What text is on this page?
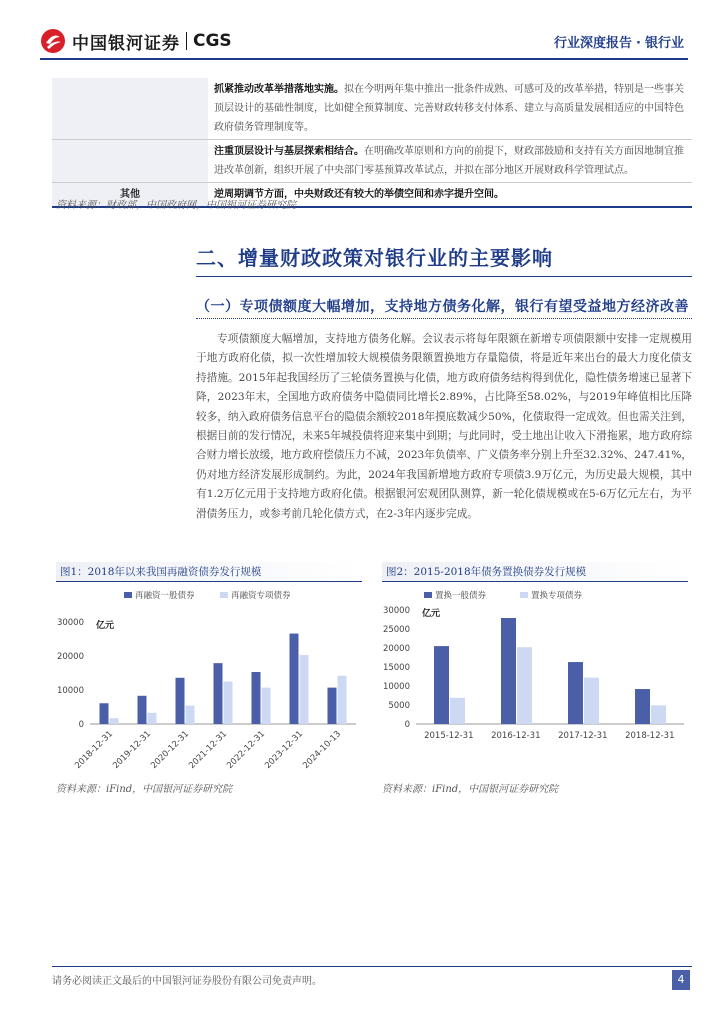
中国银河证券 CGS	行业深度报告 · 银行业
	抓紧推动改革举措落地实施。拟在今明两年集中推出一批条件成熟、可感可及的改革举措，特别是一些事关顶层设计的基础性制度，比如健全预算制度、完善财政转移支付体系、建立与高质量发展相适应的中国特色政府债务管理制度等。
	注重顶层设计与基层探索相结合。在明确改革原则和方向的前提下，财政部鼓励和支持有关方面因地制宜推进改革创新，组织开展了中央部门零基预算改革试点，并拟在部分地区开展财政科学管理试点。
其他	逆周期调节方面，中央财政还有较大的举债空间和赤字提升空间。
资料来源：财政部，中国政府网，中国银河证券研究院
二、增量财政政策对银行业的主要影响
（一）专项债额度大幅增加，支持地方债务化解，银行有望受益地方经济改善
专项债额度大幅增加，支持地方债务化解。会议表示将每年限额在新增专项债限额中安排一定规模用于地方政府化债，拟一次性增加较大规模债务限额置换地方存量隐债，将是近年来出台的最大力度化债支持措施。2015年起我国经历了三轮债务置换与化债，地方政府债务结构得到优化，隐性债务增速已显著下降，2023年末，全国地方政府债务中隐债同比增长2.89%，占比降至58.02%，与2019年峰值相比压降较多，纳入政府债务信息平台的隐债余额较2018年摸底数减少50%，化债取得一定成效。但也需关注到，根据目前的发行情况，未来5年城投债将迎来集中到期；与此同时，受土地出让收入下滑拖累，地方政府综合财力增长放缓，地方政府偿债压力不减，2023年负债率、广义债务率分别上升至32.32%、247.41%，仍对地方经济发展形成制约。为此，2024年我国新增地方政府专项债3.9万亿元，为历史最大规模，其中有1.2万亿元用于支持地方政府化债。根据银河宏观团队测算，新一轮化债规模或在5-6万亿元左右，为平滑债务压力，或参考前几轮化债方式，在2-3年内逐步完成。
图1：2018年以来我国再融资债券发行规模
0
10000
20000
30000 亿元
再融资一般债券	再融资专项债券
2018-12-31
2019-12-31
2020-12-31
2021-12-31
2022-12-31
2023-12-31
2024-10-13
资料来源：iFind，中国银河证券研究院
图2：2015-2018年债务置换债券发行规模
0
5000
10000
15000
20000
25000
30000 亿元
置换一般债券	置换专项债券
2015-12-31 2016-12-31 2017-12-31 2018-12-31
资料来源：iFind，中国银河证券研究院
请务必阅读正文最后的中国银河证券股份有限公司免责声明。	4
